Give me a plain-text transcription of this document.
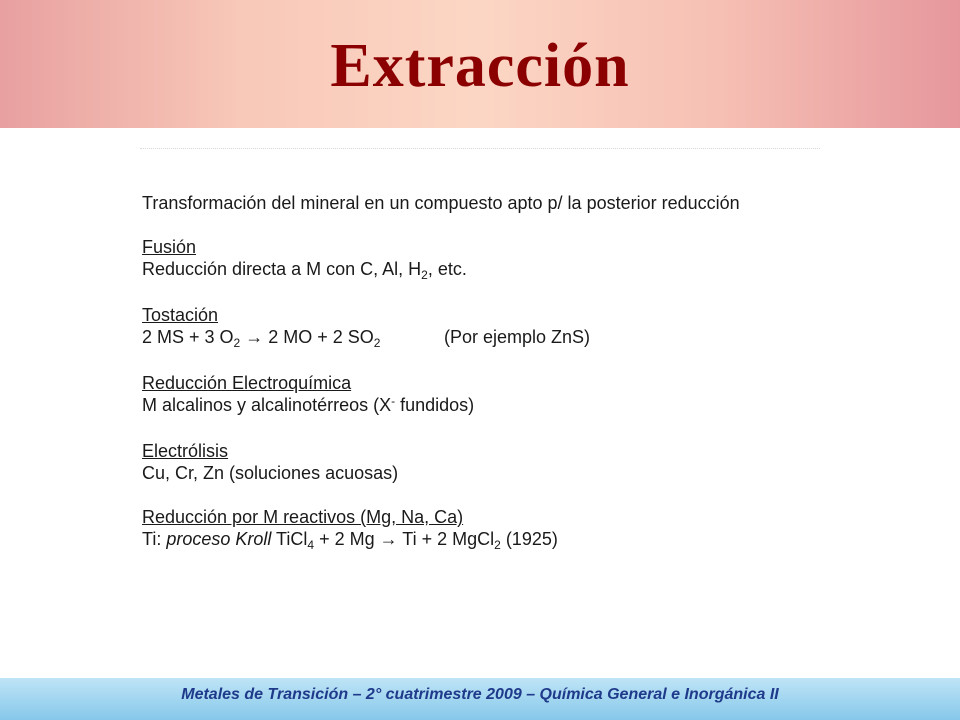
Extracción
Transformación del mineral en un compuesto apto p/ la posterior reducción
Fusión
Reducción directa a M con C, Al, $H_2$, etc.
Tostación
2 MS + 3 $O_2 \to 2$ MO + 2 $SO_2$	(Por ejemplo ZnS)
Reducción Electroquímica
M alcalinos y alcalinotérreos (X- fundidos)
Electrólisis
Cu, Cr, Zn (soluciones acuosas)
Reducción por M reactivos (Mg, Na, Ca)
Ti: proceso Kroll TiCl$_4$ + 2 Mg → Ti + 2 MgCl$_2$ (1925)
Metales de Transición – 2° cuatrimestre 2009 – Química General e Inorgánica II
